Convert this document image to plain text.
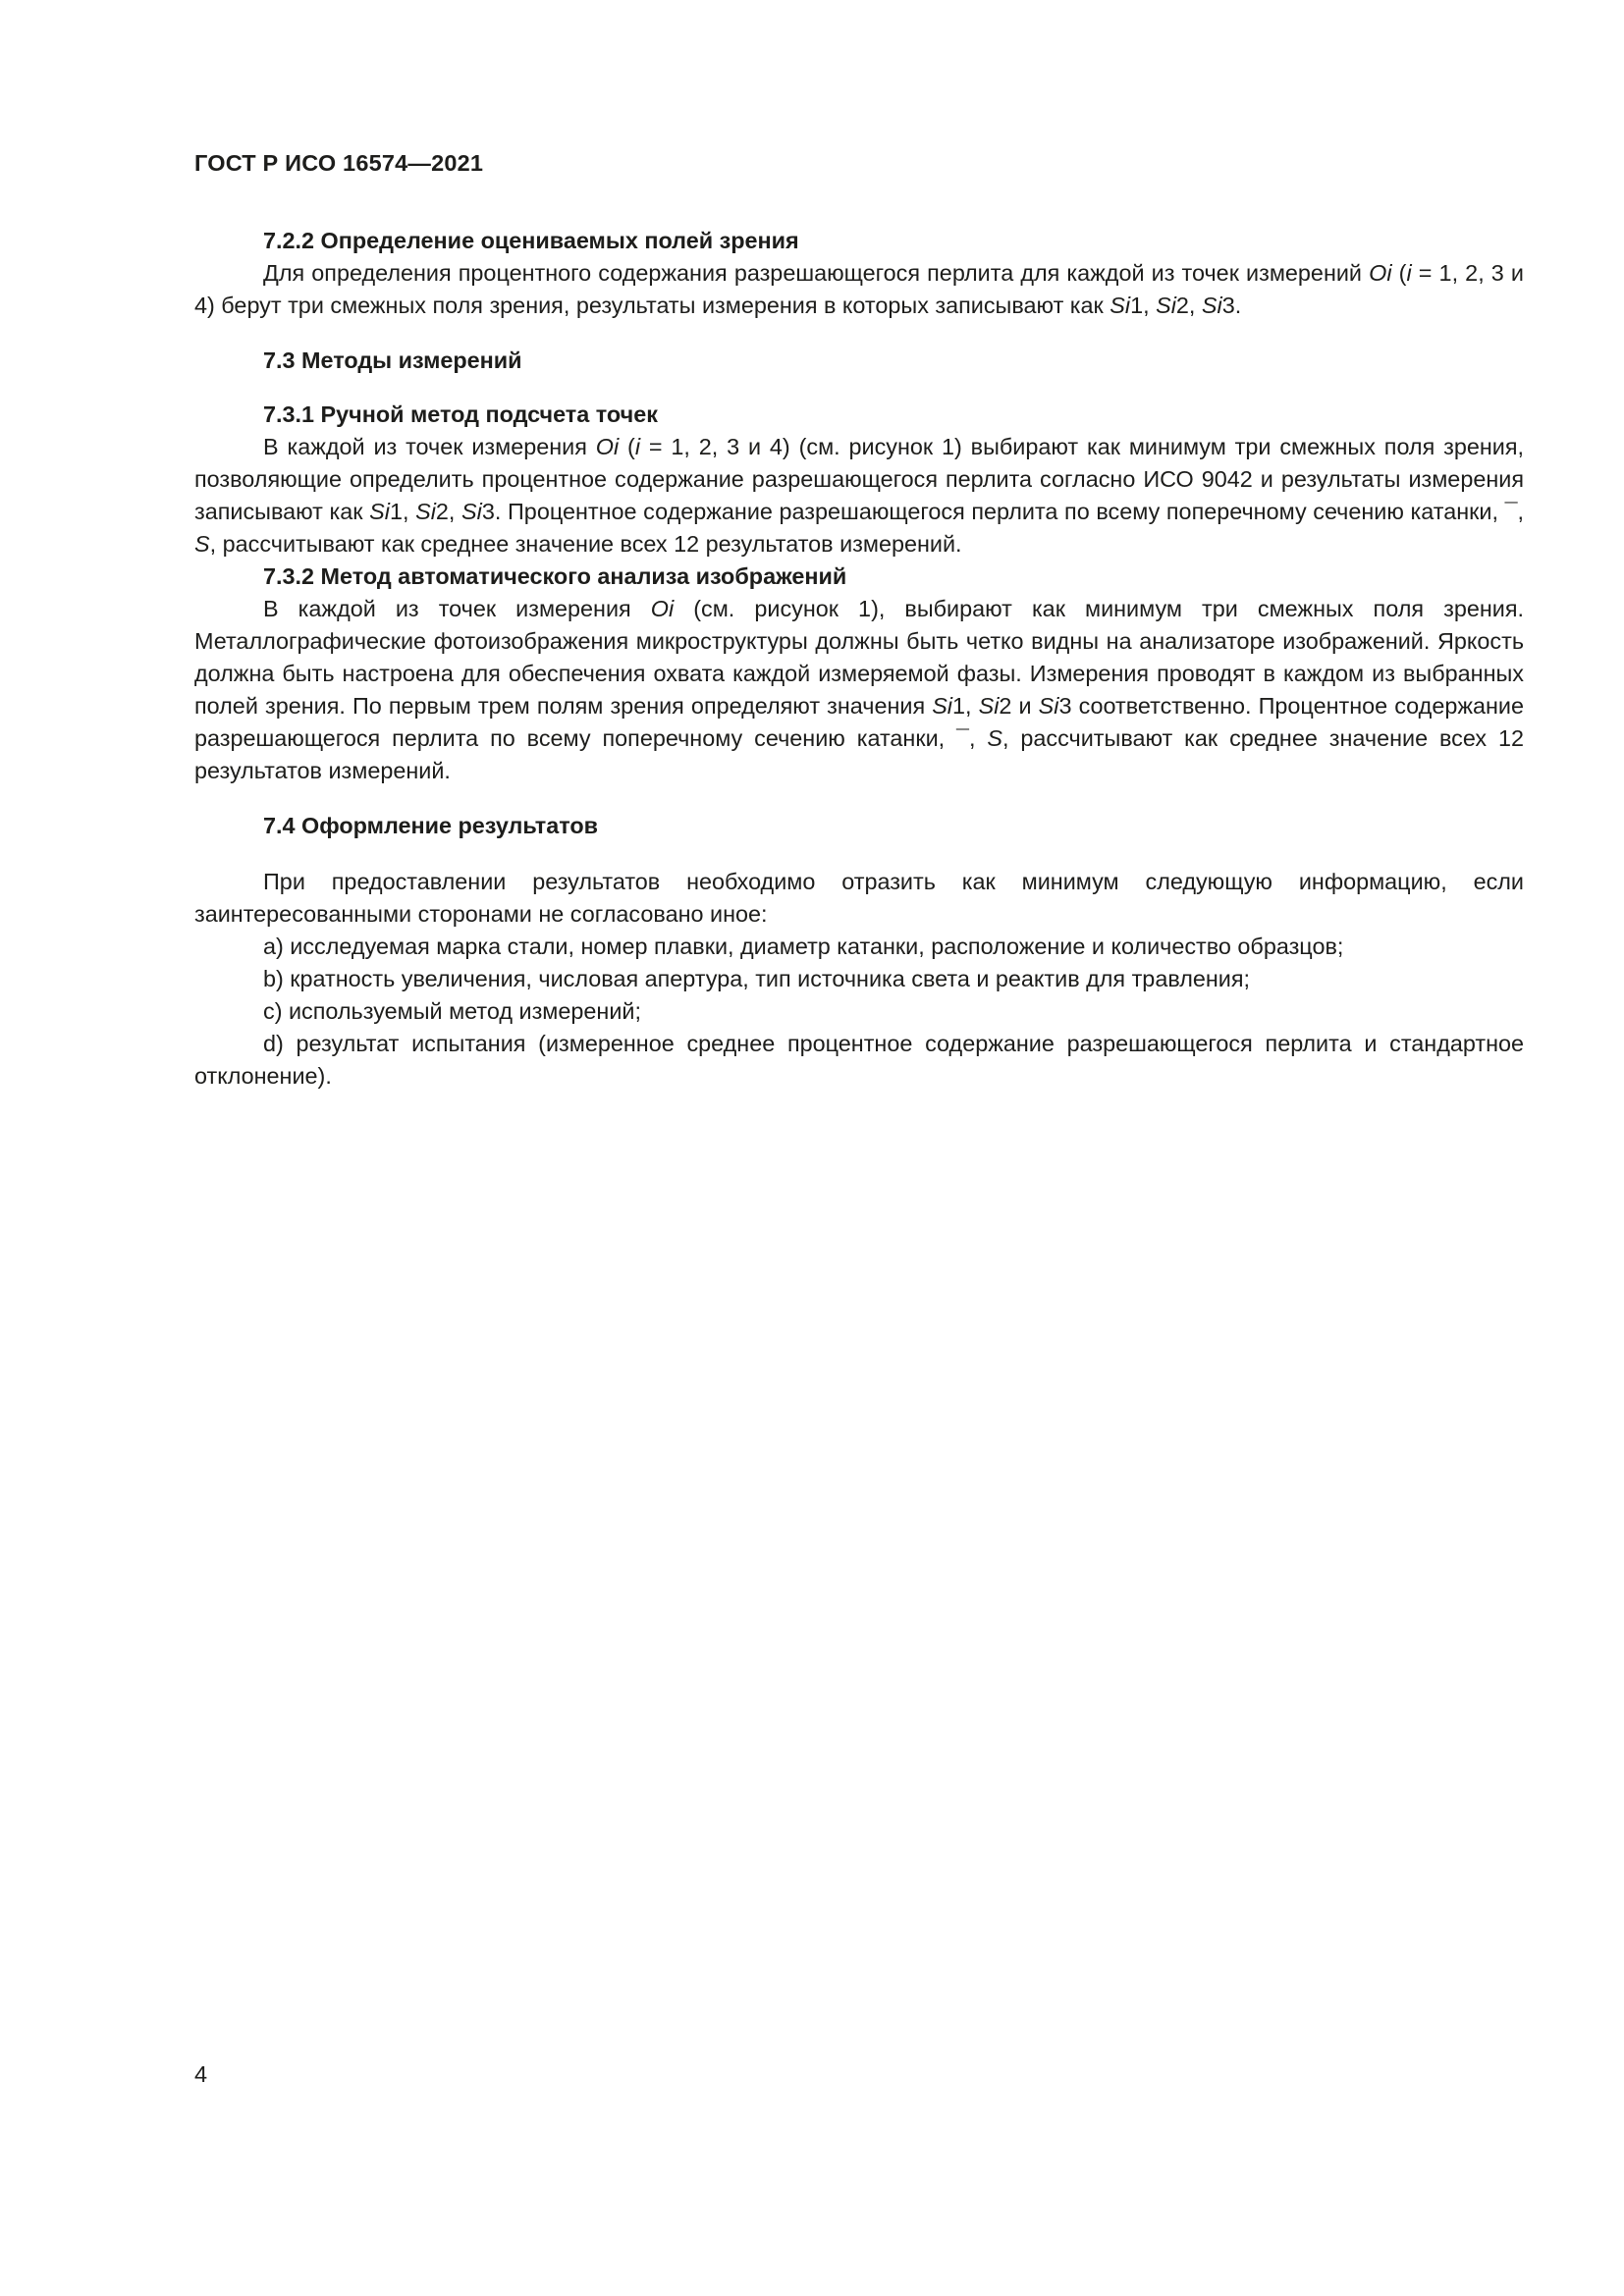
ГОСТ Р ИСО 16574—2021

7.2.2 Определение оцениваемых полей зрения

Для определения процентного содержания разрешающегося перлита для каждой из точек измерений Oi (i = 1, 2, 3 и 4) берут три смежных поля зрения, результаты измерения в которых записывают как Si1, Si2, Si3.

7.3 Методы измерений

7.3.1 Ручной метод подсчета точек

В каждой из точек измерения Oi (i = 1, 2, 3 и 4) (см. рисунок 1) выбирают как минимум три смежных поля зрения, позволяющие определить процентное содержание разрешающегося перлита согласно ИСО 9042 и результаты измерения записывают как Si1, Si2, Si3. Процентное содержание разрешающегося перлита по всему поперечному сечению катанки, ¯, S, рассчитывают как среднее значение всех 12 результатов измерений.

7.3.2 Метод автоматического анализа изображений

В каждой из точек измерения Oi (см. рисунок 1), выбирают как минимум три смежных поля зрения. Металлографические фотоизображения микроструктуры должны быть четко видны на анализаторе изображений. Яркость должна быть настроена для обеспечения охвата каждой измеряемой фазы. Измерения проводят в каждом из выбранных полей зрения. По первым трем полям зрения определяют значения Si1, Si2 и Si3 соответственно. Процентное содержание разрешающегося перлита по всему поперечному сечению катанки, ¯, S, рассчитывают как среднее значение всех 12 результатов измерений.

7.4 Оформление результатов

При предоставлении результатов необходимо отразить как минимум следующую информацию, если заинтересованными сторонами не согласовано иное:

a) исследуемая марка стали, номер плавки, диаметр катанки, расположение и количество образцов;

b) кратность увеличения, числовая апертура, тип источника света и реактив для травления;

c) используемый метод измерений;

d) результат испытания (измеренное среднее процентное содержание разрешающегося перлита и стандартное отклонение).

4
